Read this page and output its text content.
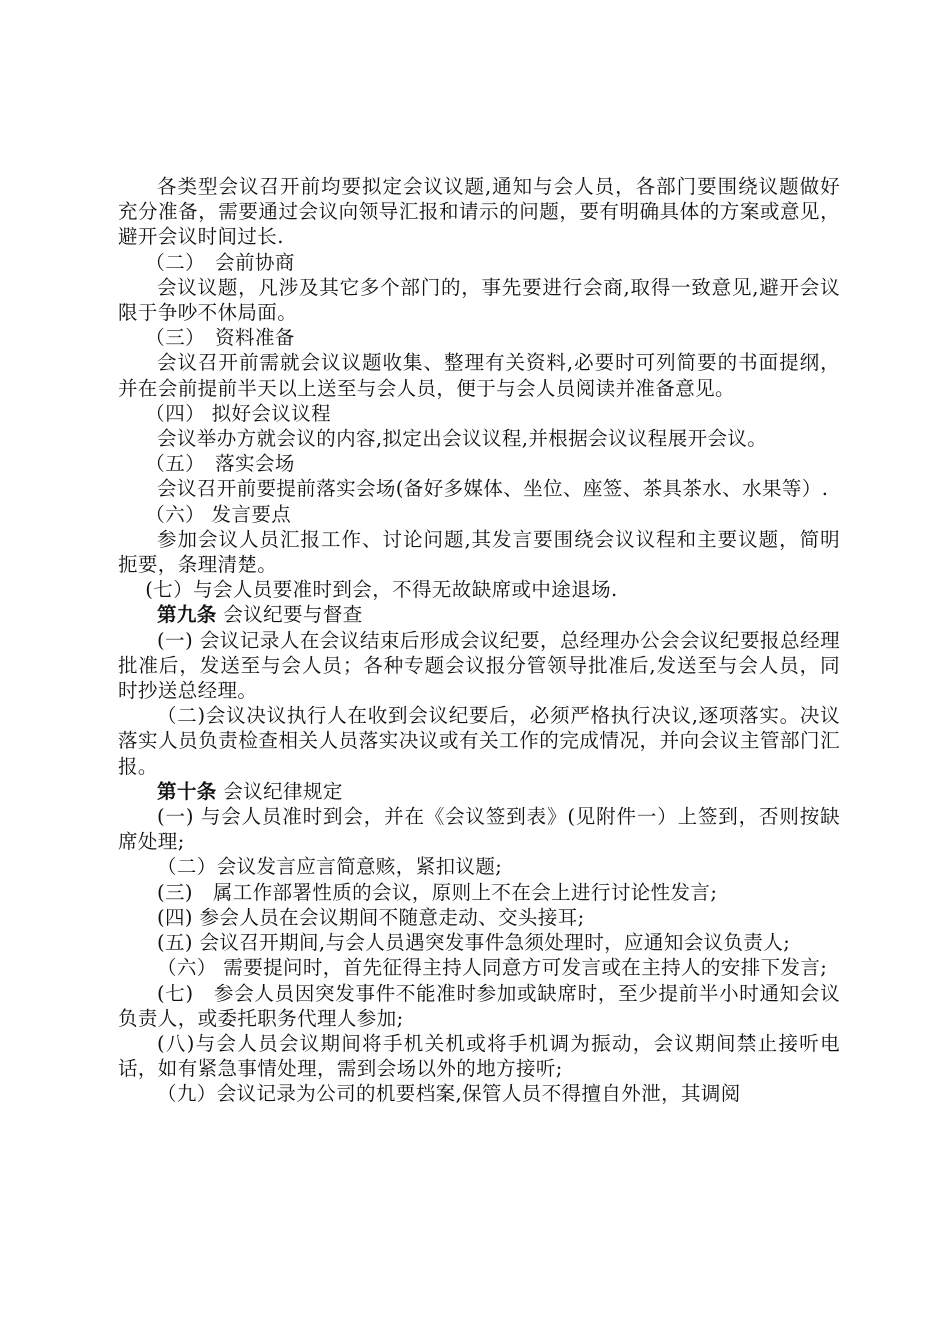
各类型会议召开前均要拟定会议议题,通知与会人员，各部门要围绕议题做好充分准备，需要通过会议向领导汇报和请示的问题，要有明确具体的方案或意见，避开会议时间过长.

（二）　会前协商

会议议题，凡涉及其它多个部门的，事先要进行会商,取得一致意见,避开会议限于争吵不休局面。

（三）　资料准备

会议召开前需就会议议题收集、整理有关资料,必要时可列简要的书面提纲，并在会前提前半天以上送至与会人员，便于与会人员阅读并准备意见。

（四） 拟好会议议程

会议举办方就会议的内容,拟定出会议议程,并根据会议议程展开会议。

（五）　落实会场

会议召开前要提前落实会场(备好多媒体、坐位、座签、茶具茶水、水果等）.

（六） 发言要点

参加会议人员汇报工作、讨论问题,其发言要围绕会议议程和主要议题，简明扼要，条理清楚。

(七）与会人员要准时到会，不得无故缺席或中途退场.

第九条 会议纪要与督查

(一) 会议记录人在会议结束后形成会议纪要，总经理办公会会议纪要报总经理批准后，发送至与会人员；各种专题会议报分管领导批准后,发送至与会人员，同时抄送总经理。

（二)会议决议执行人在收到会议纪要后，必须严格执行决议,逐项落实。决议落实人员负责检查相关人员落实决议或有关工作的完成情况，并向会议主管部门汇报。

第十条 会议纪律规定

(一) 与会人员准时到会，并在《会议签到表》(见附件一）上签到，否则按缺席处理;

（二）会议发言应言简意赅，紧扣议题;

(三)　属工作部署性质的会议，原则上不在会上进行讨论性发言;

(四) 参会人员在会议期间不随意走动、交头接耳;

(五) 会议召开期间,与会人员遇突发事件急须处理时，应通知会议负责人;

（六） 需要提问时，首先征得主持人同意方可发言或在主持人的安排下发言;

(七)　参会人员因突发事件不能准时参加或缺席时，至少提前半小时通知会议负责人，或委托职务代理人参加;

(八)与会人员会议期间将手机关机或将手机调为振动，会议期间禁止接听电话，如有紧急事情处理，需到会场以外的地方接听;

（九）会议记录为公司的机要档案,保管人员不得擅自外泄，其调阅
